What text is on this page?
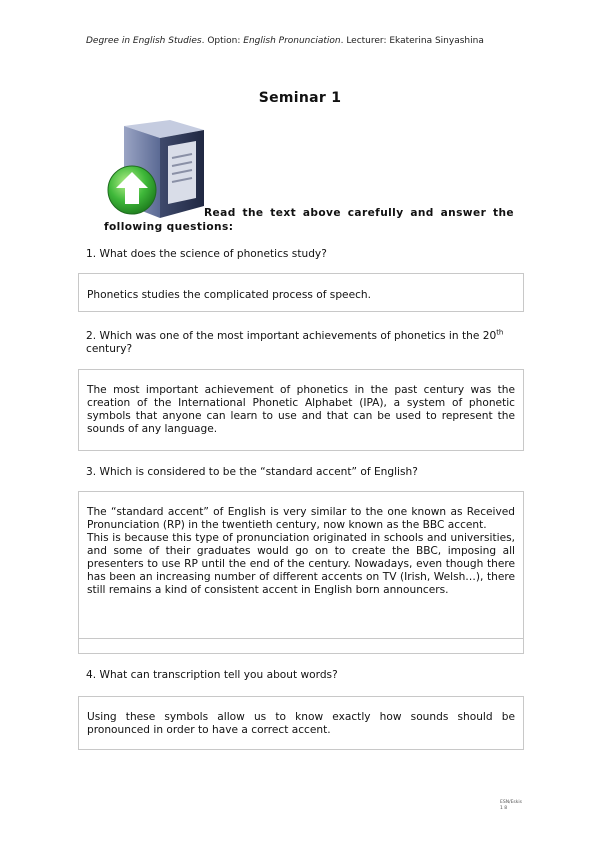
Degree in English Studies. Option: English Pronunciation. Lecturer: Ekaterina Sinyashina
Seminar 1
Read the text above carefully and answer the following questions:
1. What does the science of phonetics study?
Phonetics studies the complicated process of speech.
2. Which was one of the most important achievements of phonetics in the 20th century?
The most important achievement of phonetics in the past century was the creation of the International Phonetic Alphabet (IPA), a system of phonetic symbols that anyone can learn to use and that can be used to represent the sounds of any language.
3. Which is considered to be the “standard accent” of English?
The “standard accent” of English is very similar to the one known as Received Pronunciation (RP) in the twentieth century, now known as the BBC accent.
This is because this type of pronunciation originated in schools and universities, and some of their graduates would go on to create the BBC, imposing all presenters to use RP until the end of the century. Nowadays, even though there has been an increasing number of different accents on TV (Irish, Welsh…), there still remains a kind of consistent accent in English born announcers.
4. What can transcription tell you about words?
Using these symbols allow us to know exactly how sounds should be pronounced in order to have a correct accent.
ESN/Eskis
1 8
